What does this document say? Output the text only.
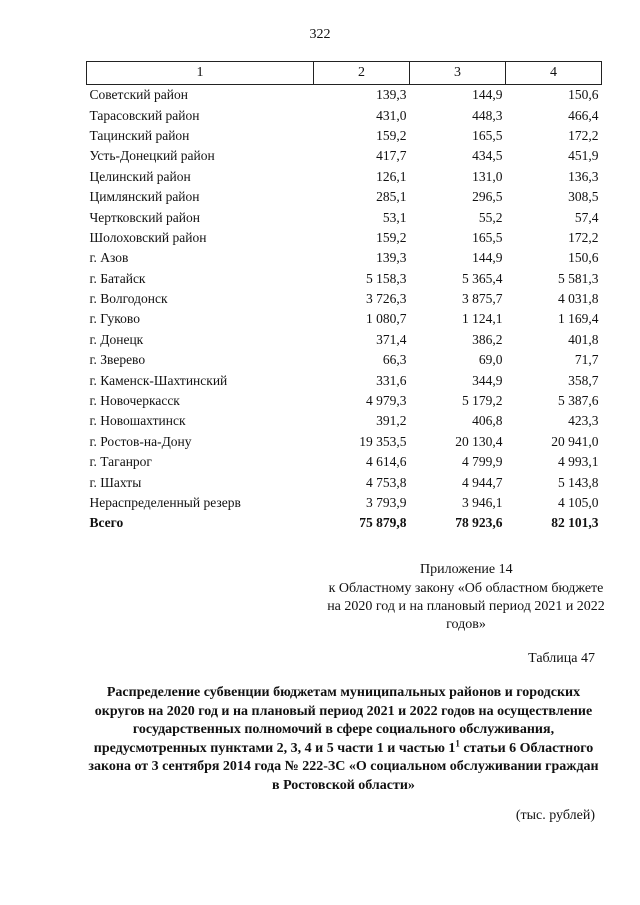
322
1	2	3	4
Советский район	139,3	144,9	150,6
Тарасовский район	431,0	448,3	466,4
Тацинский район	159,2	165,5	172,2
Усть-Донецкий район	417,7	434,5	451,9
Целинский район	126,1	131,0	136,3
Цимлянский район	285,1	296,5	308,5
Чертковский район	53,1	55,2	57,4
Шолоховский район	159,2	165,5	172,2
г. Азов	139,3	144,9	150,6
г. Батайск	5 158,3	5 365,4	5 581,3
г. Волгодонск	3 726,3	3 875,7	4 031,8
г. Гуково	1 080,7	1 124,1	1 169,4
г. Донецк	371,4	386,2	401,8
г. Зверево	66,3	69,0	71,7
г. Каменск-Шахтинский	331,6	344,9	358,7
г. Новочеркасск	4 979,3	5 179,2	5 387,6
г. Новошахтинск	391,2	406,8	423,3
г. Ростов-на-Дону	19 353,5	20 130,4	20 941,0
г. Таганрог	4 614,6	4 799,9	4 993,1
г. Шахты	4 753,8	4 944,7	5 143,8
Нераспределенный резерв	3 793,9	3 946,1	4 105,0
Всего	75 879,8	78 923,6	82 101,3
Приложение 14
к Областному закону «Об областном бюджете на 2020 год и на плановый период 2021 и 2022 годов»
Таблица 47
Распределение субвенции бюджетам муниципальных районов и городских округов на 2020 год и на плановый период 2021 и 2022 годов на осуществление государственных полномочий в сфере социального обслуживания, предусмотренных пунктами 2, 3, 4 и 5 части 1 и частью $1^1$ статьи 6 Областного закона от 3 сентября 2014 года № 222-ЗС «О социальном обслуживании граждан в Ростовской области»
(тыс. рублей)
